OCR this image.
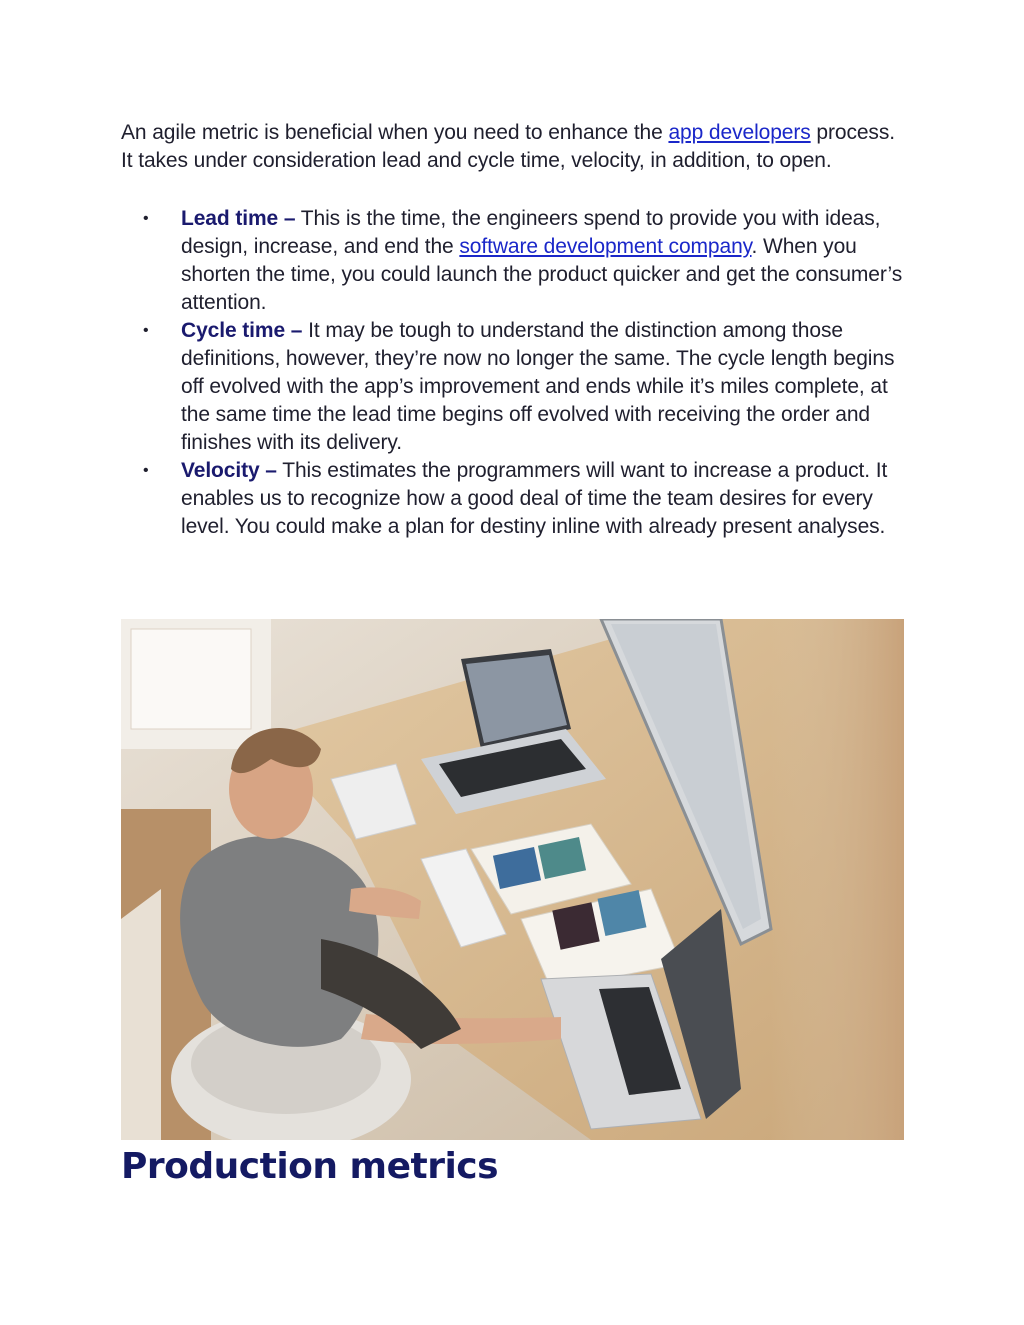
An agile metric is beneficial when you need to enhance the app developers process. It takes under consideration lead and cycle time, velocity, in addition, to open.

• Lead time – This is the time, the engineers spend to provide you with ideas, design, increase, and end the software development company. When you shorten the time, you could launch the product quicker and get the consumer’s attention.
• Cycle time – It may be tough to understand the distinction among those definitions, however, they’re now no longer the same. The cycle length begins off evolved with the app’s improvement and ends while it’s miles complete, at the same time the lead time begins off evolved with receiving the order and finishes with its delivery.
• Velocity – This estimates the programmers will want to increase a product. It enables us to recognize how a good deal of time the team desires for every level. You could make a plan for destiny inline with already present analyses.
Production metrics
